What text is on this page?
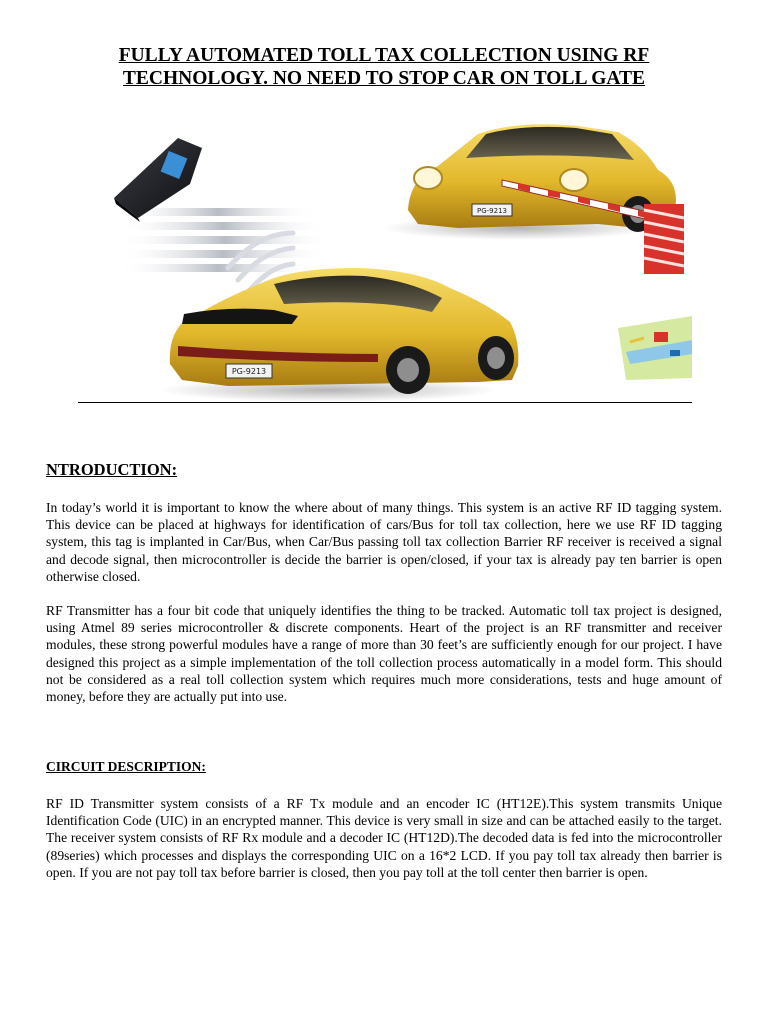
FULLY AUTOMATED TOLL TAX COLLECTION USING RF TECHNOLOGY. NO NEED TO STOP CAR ON TOLL GATE
PG-9213
PG-9213
NTRODUCTION:

In today’s world it is important to know the where about of many things. This system is an active RF ID tagging system. This device can be placed at highways for identification of cars/Bus for toll tax collection, here we use RF ID tagging system, this tag is implanted in Car/Bus, when Car/Bus passing toll tax collection Barrier RF receiver is received a signal and decode signal, then microcontroller is decide the barrier is open/closed, if your tax is already pay ten barrier is open otherwise closed.

RF Transmitter has a four bit code that uniquely identifies the thing to be tracked. Automatic toll tax project is designed, using Atmel 89 series microcontroller & discrete components. Heart of the project is an RF transmitter and receiver modules, these strong powerful modules have a range of more than 30 feet’s are sufficiently enough for our project. I have designed this project as a simple implementation of the toll collection process automatically in a model form. This should not be considered as a real toll collection system which requires much more considerations, tests and huge amount of money, before they are actually put into use.

CIRCUIT DESCRIPTION:

RF ID Transmitter system consists of a RF Tx module and an encoder IC (HT12E).This system transmits Unique Identification Code (UIC) in an encrypted manner. This device is very small in size and can be attached easily to the target. The receiver system consists of RF Rx module and a decoder IC (HT12D).The decoded data is fed into the microcontroller (89series) which processes and displays the corresponding UIC on a 16*2 LCD. If you pay toll tax already then barrier is open. If you are not pay toll tax before barrier is closed, then you pay toll at the toll center then barrier is open.
